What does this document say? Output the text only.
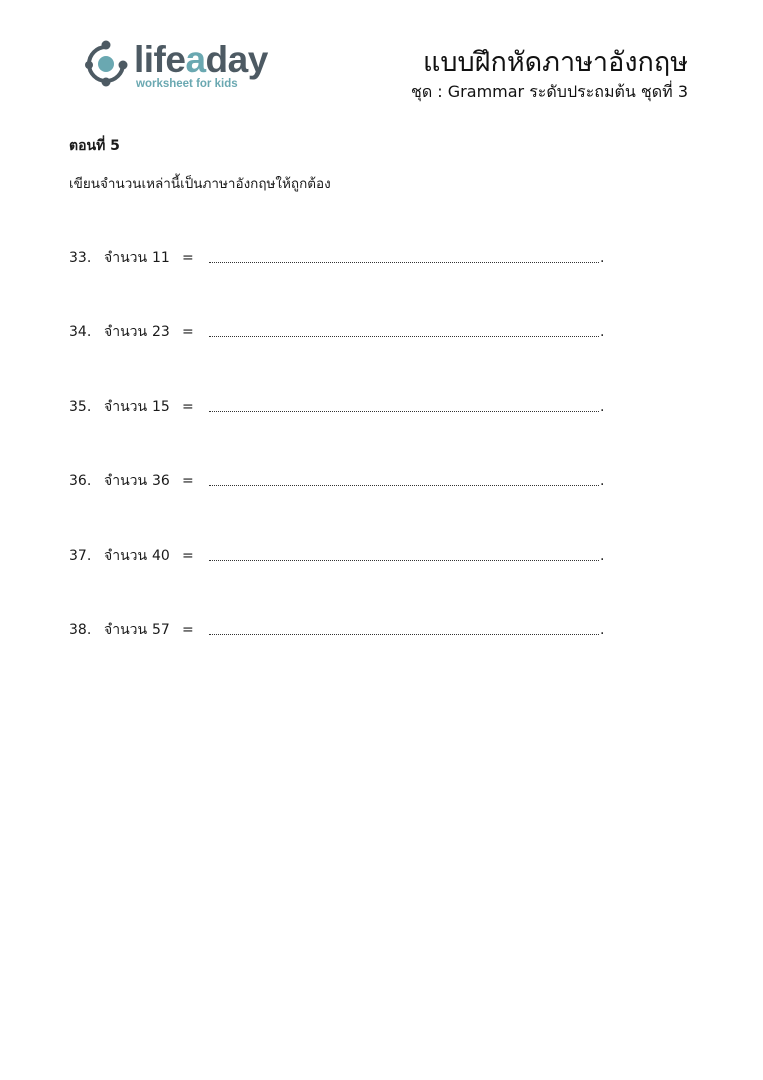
lifeaday
worksheet for kids
แบบฝึกหัดภาษาอังกฤษ
ชุด : Grammar ระดับประถมต้น ชุดที่ 3
ตอนที่ 5
เขียนจำนวนเหล่านี้เป็นภาษาอังกฤษให้ถูกต้อง
33. จำนวน 11 =	.
34. จำนวน 23 =	.
35. จำนวน 15 =	.
36. จำนวน 36 =	.
37. จำนวน 40 =	.
38. จำนวน 57 =	.
